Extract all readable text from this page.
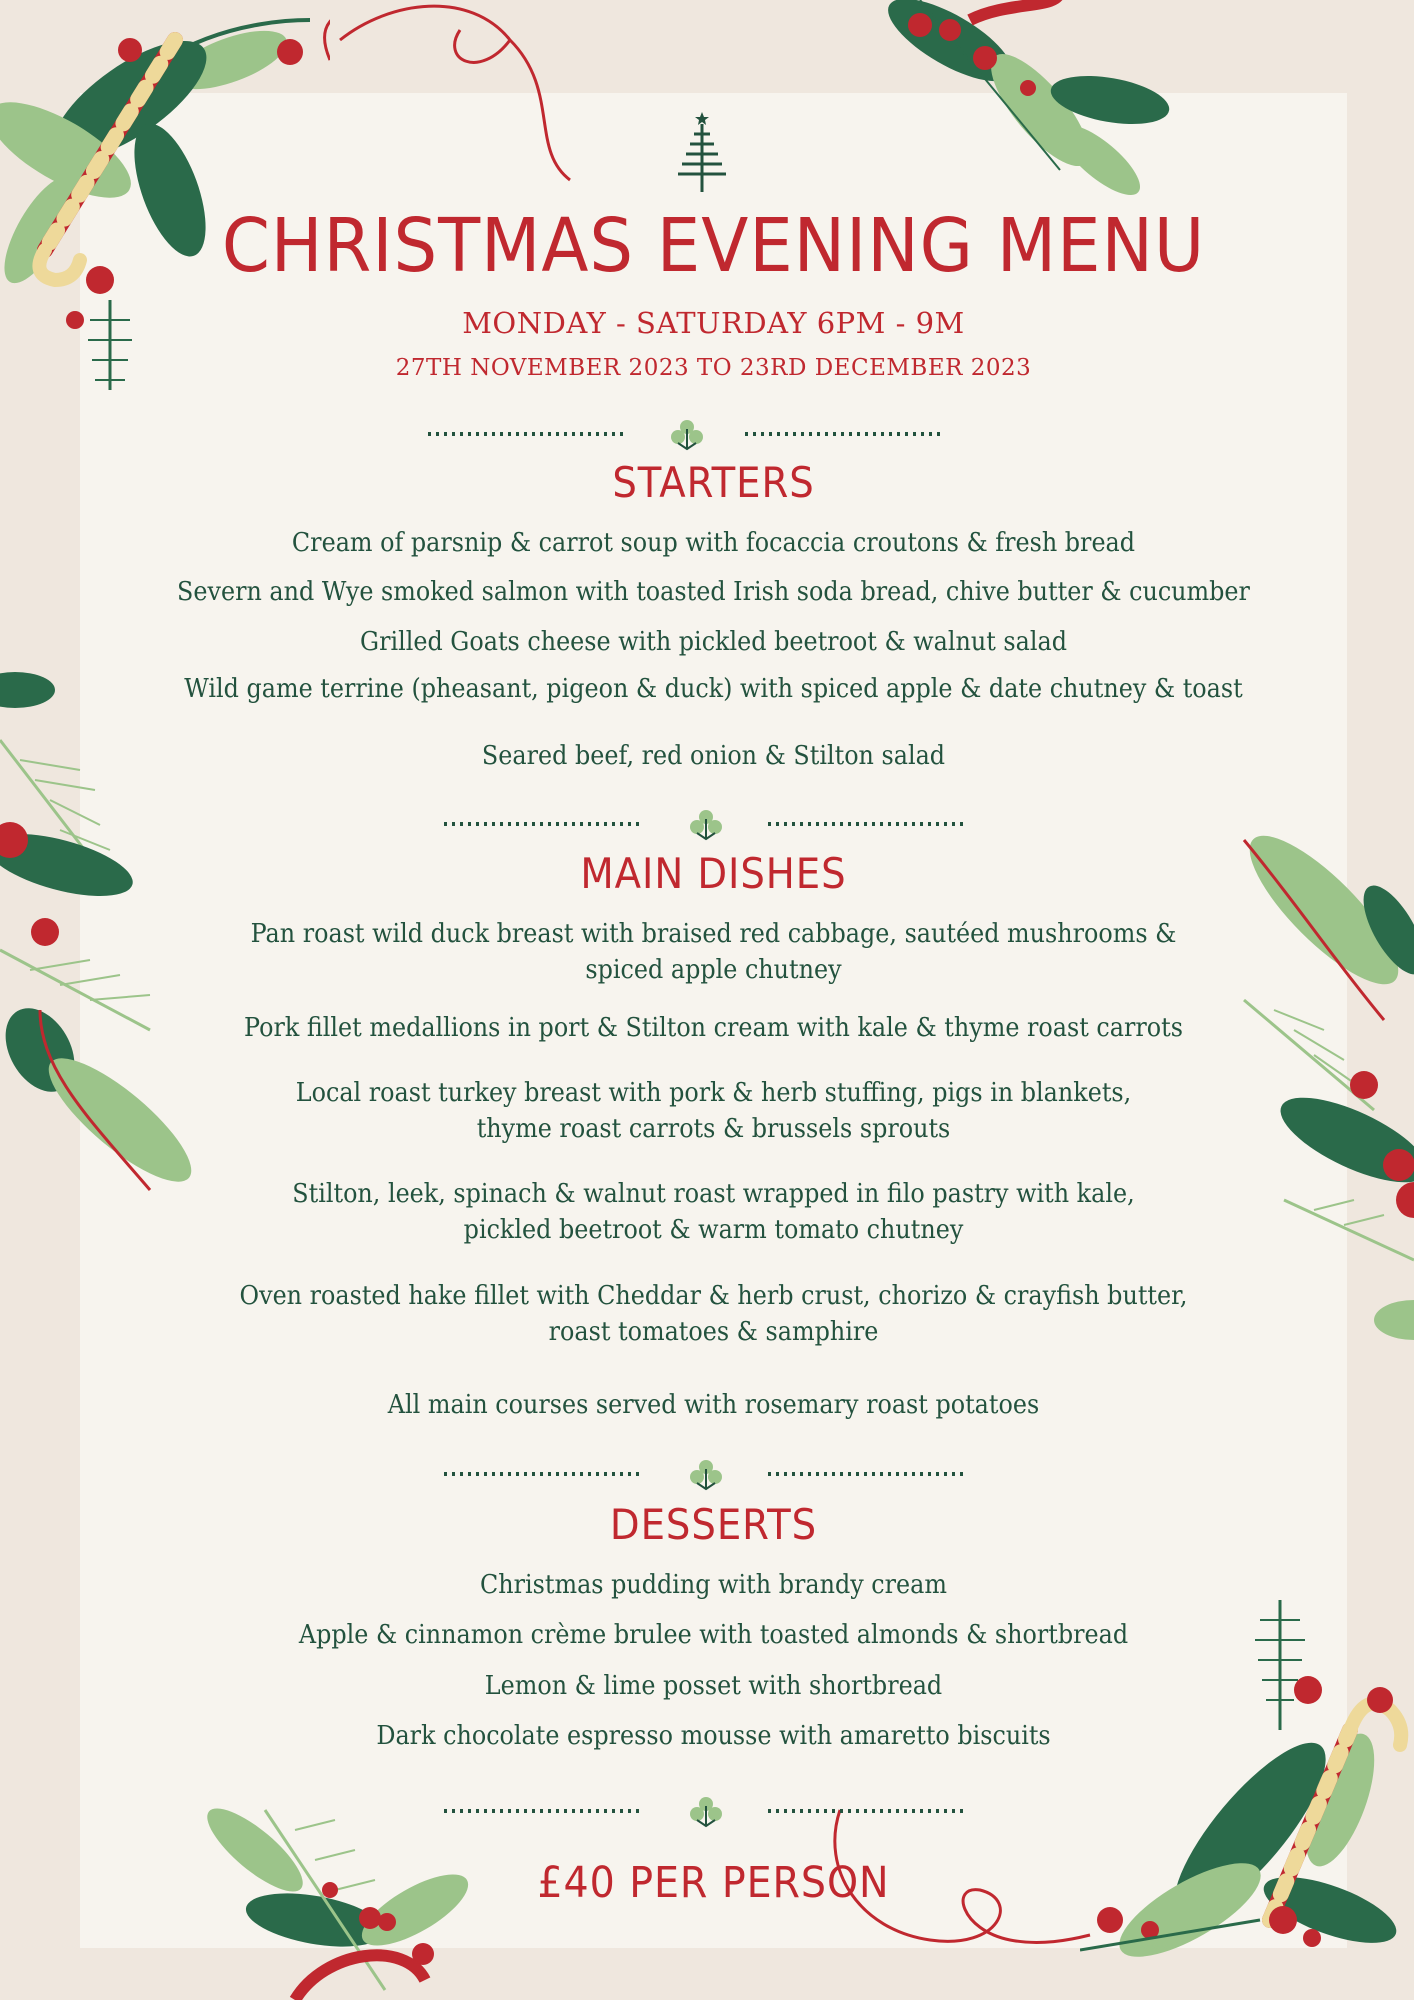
CHRISTMAS EVENING MENU

MONDAY - SATURDAY 6PM - 9M

27TH NOVEMBER 2023 TO 23RD DECEMBER 2023

STARTERS

Cream of parsnip & carrot soup with focaccia croutons & fresh bread

Severn and Wye smoked salmon with toasted Irish soda bread, chive butter & cucumber

Grilled Goats cheese with pickled beetroot & walnut salad

Wild game terrine (pheasant, pigeon & duck) with spiced apple & date chutney & toast

Seared beef, red onion & Stilton salad

MAIN DISHES

Pan roast wild duck breast with braised red cabbage, sautéed mushrooms &
spiced apple chutney

Pork fillet medallions in port & Stilton cream with kale & thyme roast carrots

Local roast turkey breast with pork & herb stuffing, pigs in blankets,
thyme roast carrots & brussels sprouts

Stilton, leek, spinach & walnut roast wrapped in filo pastry with kale,
pickled beetroot & warm tomato chutney

Oven roasted hake fillet with Cheddar & herb crust, chorizo & crayfish butter,
roast tomatoes & samphire

All main courses served with rosemary roast potatoes

DESSERTS

Christmas pudding with brandy cream

Apple & cinnamon crème brulee with toasted almonds & shortbread

Lemon & lime posset with shortbread

Dark chocolate espresso mousse with amaretto biscuits

£40 PER PERSON
